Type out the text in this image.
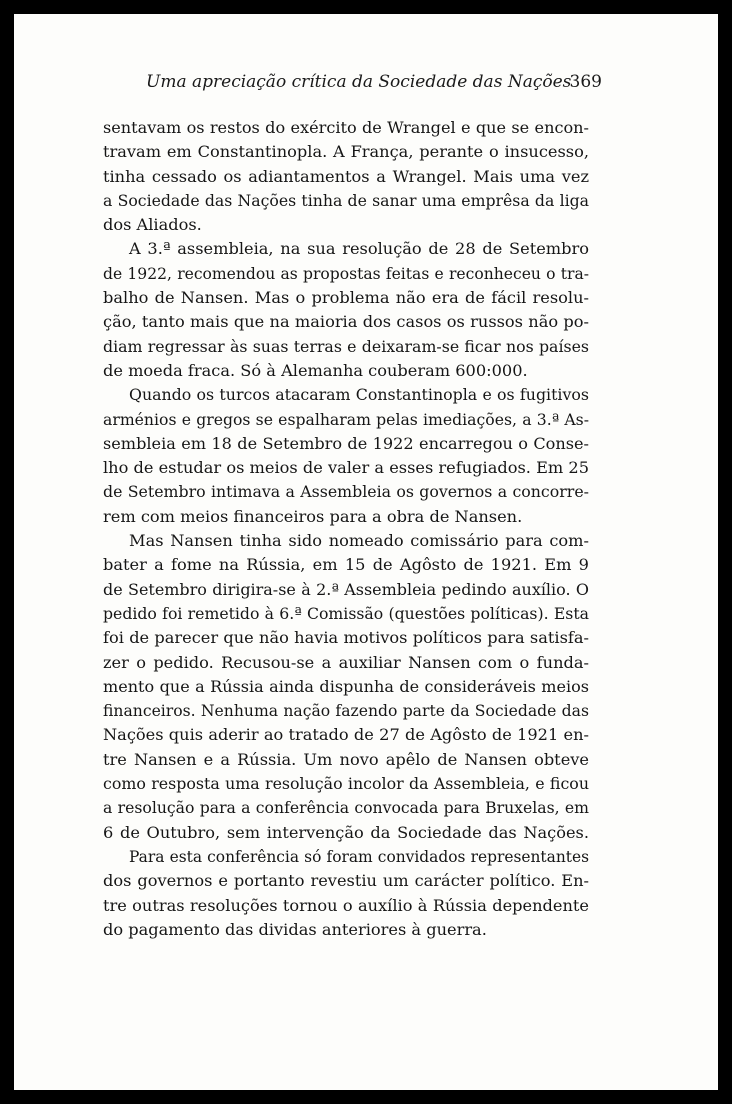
Uma apreciação crítica da Sociedade das Nações
369

sentavam os restos do exército de Wrangel e que se encon-
travam em Constantinopla. A França, perante o insucesso,
tinha cessado os adiantamentos a Wrangel. Mais uma vez
a Sociedade das Nações tinha de sanar uma emprêsa da liga
dos Aliados.

A 3.ª assembleia, na sua resolução de 28 de Setembro
de 1922, recomendou as propostas feitas e reconheceu o tra-
balho de Nansen. Mas o problema não era de fácil resolu-
ção, tanto mais que na maioria dos casos os russos não po-
diam regressar às suas terras e deixaram-se ficar nos países
de moeda fraca. Só à Alemanha couberam 600:000.

Quando os turcos atacaram Constantinopla e os fugitivos
arménios e gregos se espalharam pelas imediações, a 3.ª As-
sembleia em 18 de Setembro de 1922 encarregou o Conse-
lho de estudar os meios de valer a esses refugiados. Em 25
de Setembro intimava a Assembleia os governos a concorre-
rem com meios financeiros para a obra de Nansen.

Mas Nansen tinha sido nomeado comissário para com-
bater a fome na Rússia, em 15 de Agôsto de 1921. Em 9
de Setembro dirigira-se à 2.ª Assembleia pedindo auxílio. O
pedido foi remetido à 6.ª Comissão (questões políticas). Esta
foi de parecer que não havia motivos políticos para satisfa-
zer o pedido. Recusou-se a auxiliar Nansen com o funda-
mento que a Rússia ainda dispunha de consideráveis meios
financeiros. Nenhuma nação fazendo parte da Sociedade das
Nações quis aderir ao tratado de 27 de Agôsto de 1921 en-
tre Nansen e a Rússia. Um novo apêlo de Nansen obteve
como resposta uma resolução incolor da Assembleia, e ficou
a resolução para a conferência convocada para Bruxelas, em
6 de Outubro, sem intervenção da Sociedade das Nações.

Para esta conferência só foram convidados representantes
dos governos e portanto revestiu um carácter político. En-
tre outras resoluções tornou o auxílio à Rússia dependente
do pagamento das dividas anteriores à guerra.
